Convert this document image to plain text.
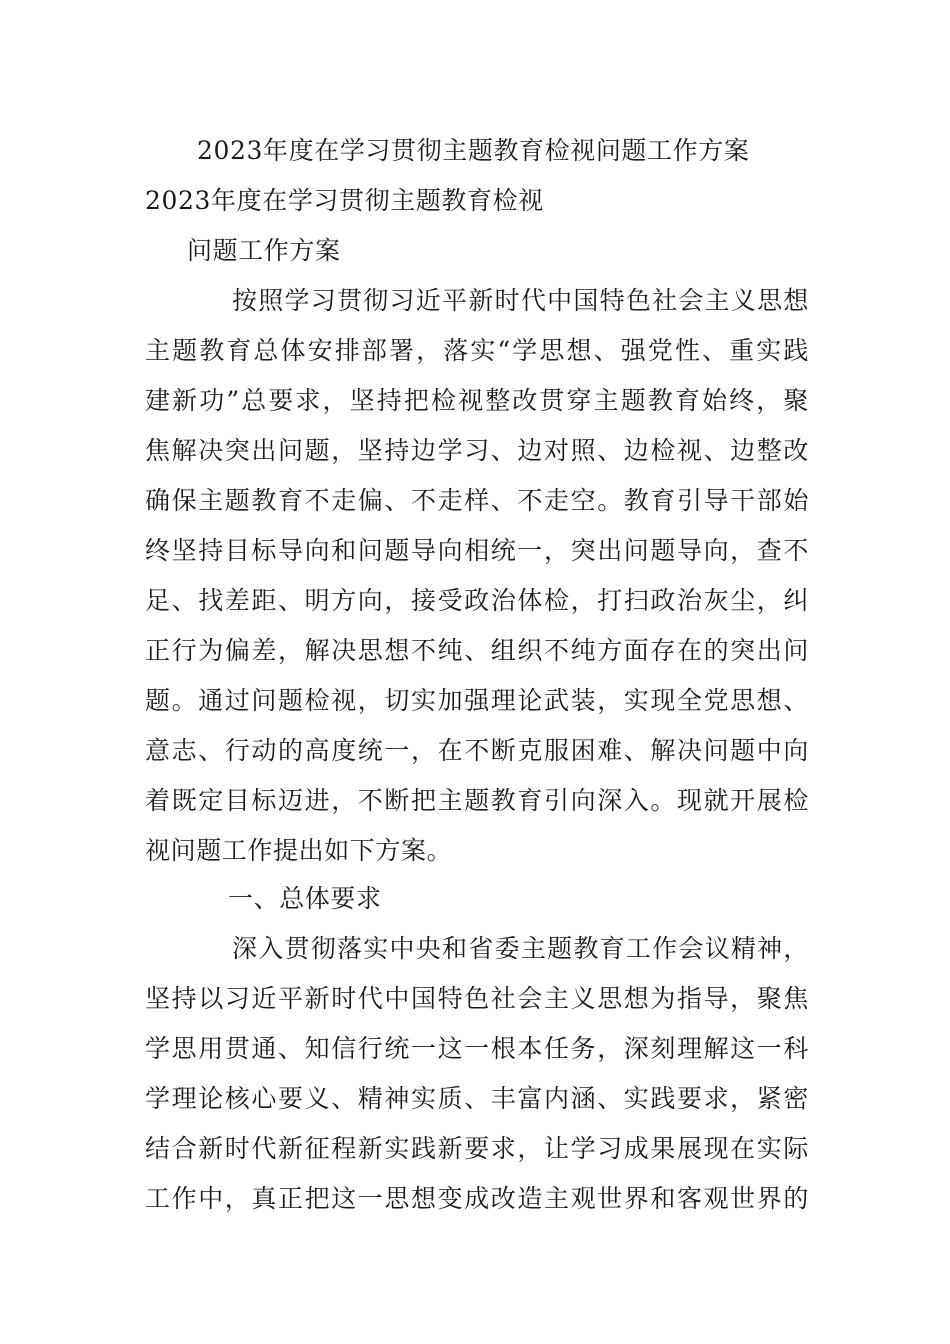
2023年度在学习贯彻主题教育检视问题工作方案
2023年度在学习贯彻主题教育检视
问题工作方案
按照学习贯彻习近平新时代中国特色社会主义思想
主题教育总体安排部署，落实“学思想、强党性、重实践
建新功”总要求，坚持把检视整改贯穿主题教育始终，聚
焦解决突出问题，坚持边学习、边对照、边检视、边整改
确保主题教育不走偏、不走样、不走空。教育引导干部始
终坚持目标导向和问题导向相统一，突出问题导向，查不
足、找差距、明方向，接受政治体检，打扫政治灰尘，纠
正行为偏差，解决思想不纯、组织不纯方面存在的突出问
题。通过问题检视，切实加强理论武装，实现全党思想、
意志、行动的高度统一，在不断克服困难、解决问题中向
着既定目标迈进，不断把主题教育引向深入。现就开展检
视问题工作提出如下方案。
一、总体要求
深入贯彻落实中央和省委主题教育工作会议精神，
坚持以习近平新时代中国特色社会主义思想为指导，聚焦
学思用贯通、知信行统一这一根本任务，深刻理解这一科
学理论核心要义、精神实质、丰富内涵、实践要求，紧密
结合新时代新征程新实践新要求，让学习成果展现在实际
工作中，真正把这一思想变成改造主观世界和客观世界的
